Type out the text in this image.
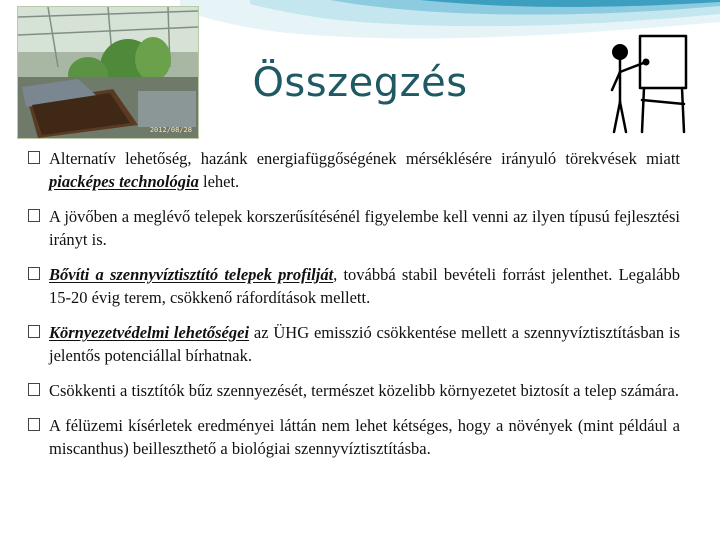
2012/08/28
Összegzés
Alternatív lehetőség, hazánk energiafüggőségének mérséklésére irányuló törekvések miatt piacképes technológia lehet.
A jövőben a meglévő telepek korszerűsítésénél figyelembe kell venni az ilyen típusú fejlesztési irányt is.
Bővíti a szennyvíztisztító telepek profilját, továbbá stabil bevételi forrást jelenthet. Legalább 15-20 évig terem, csökkenő ráfordítások mellett.
Környezetvédelmi lehetőségei az ÜHG emisszió csökkentése mellett a szennyvíztisztításban is jelentős potenciállal bírhatnak.
Csökkenti a tisztítók bűz szennyezését, természet közelibb környezetet biztosít a telep számára.
A félüzemi kísérletek eredményei láttán nem lehet kétséges, hogy a növények (mint például a miscanthus) beilleszthető a biológiai szennyvíztisztításba.
